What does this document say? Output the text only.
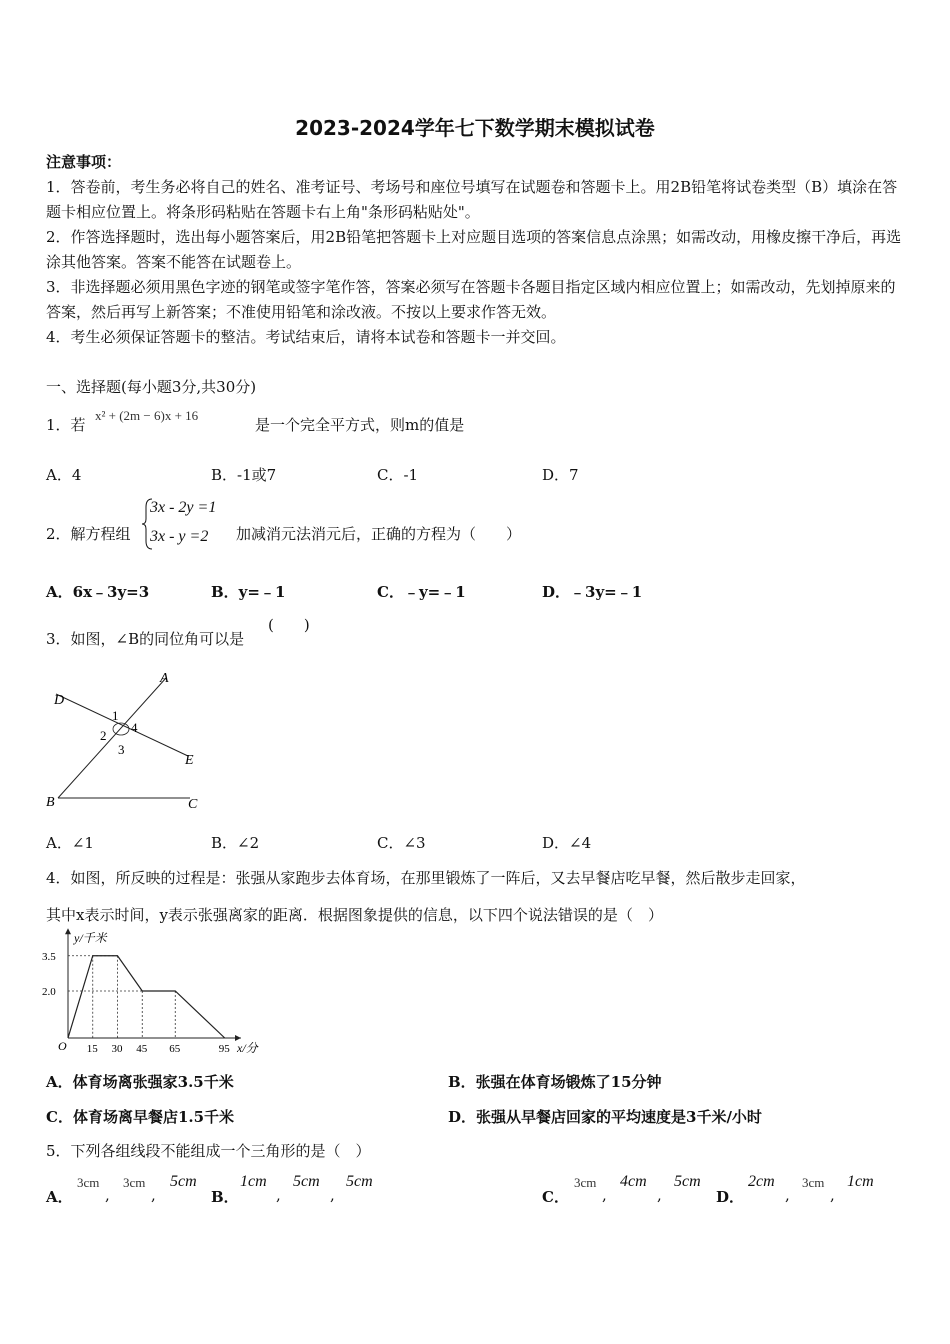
2023-2024学年七下数学期末模拟试卷
注意事项：
1．答卷前，考生务必将自己的姓名、准考证号、考场号和座位号填写在试题卷和答题卡上。用2B铅笔将试卷类型（B）填涂在答题卡相应位置上。将条形码粘贴在答题卡右上角"条形码粘贴处"。
2．作答选择题时，选出每小题答案后，用2B铅笔把答题卡上对应题目选项的答案信息点涂黑；如需改动，用橡皮擦干净后，再选涂其他答案。答案不能答在试题卷上。
3．非选择题必须用黑色字迹的钢笔或签字笔作答，答案必须写在答题卡各题目指定区域内相应位置上；如需改动，先划掉原来的答案，然后再写上新答案；不准使用铅笔和涂改液。不按以上要求作答无效。
4．考生必须保证答题卡的整洁。考试结束后，请将本试卷和答题卡一并交回。
一、选择题(每小题3分,共30分)
1．若
x² + (2m − 6)x + 16
是一个完全平方式，则m的值是
A．4	B．-1或7	C．-1	D．7
2．解方程组
3x - 2y =1
3x - y =2 加减消元法消元后，正确的方程为（　　）
A．6x﹣3y=3	B．y=﹣1	C．﹣y=﹣1	D．﹣3y=﹣1
3．如图，∠B的同位角可以是
(　　)
D
A
E
B	C
1
2
3
4
A．∠1	B．∠2	C．∠3	D．∠4
4．如图，所反映的过程是：张强从家跑步去体育场，在那里锻炼了一阵后，又去早餐店吃早餐，然后散步走回家，
其中x表示时间，y表示张强离家的距离．根据图象提供的信息，以下四个说法错误的是（　）
15 30 45 65	95
2.0
3.5
O	x/分
y/千米
A．体育场离张强家3.5千米	B．张强在体育场锻炼了15分钟
C．体育场离早餐店1.5千米	D．张强从早餐店回家的平均速度是3千米/小时
5．下列各组线段不能组成一个三角形的是（　）
A．
3cm
,
3cm
,
5cm
B．
1cm
,
5cm
,
5cm
C．
3cm
,
4cm
,
5cm
D．
2cm
,
3cm
,
1cm
